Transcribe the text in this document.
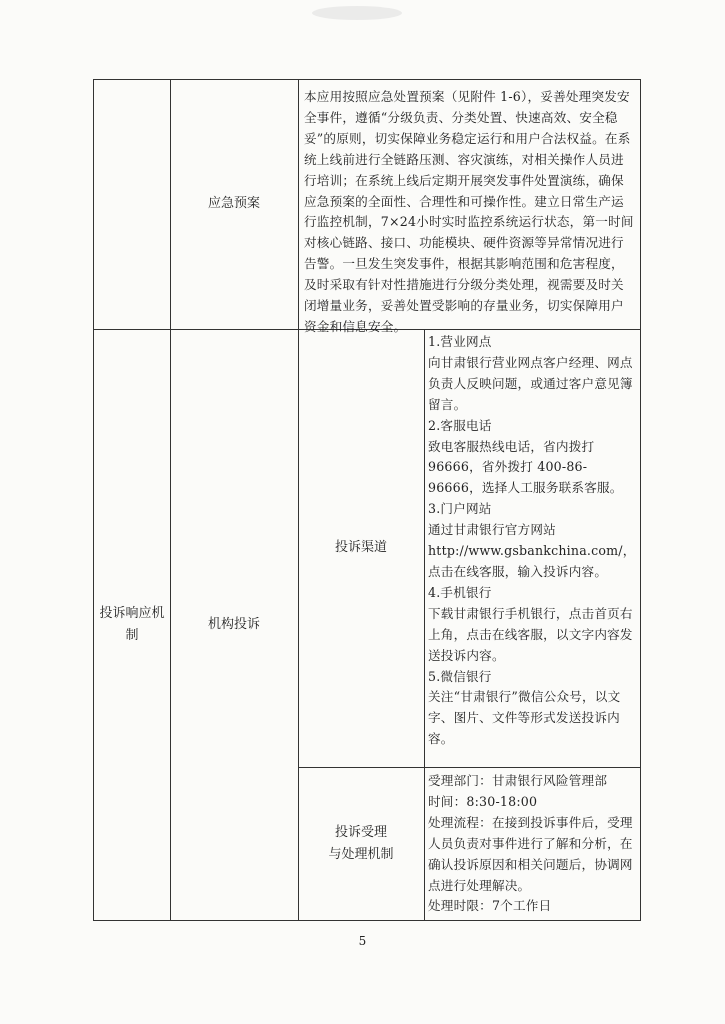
应急预案
本应用按照应急处置预案（见附件 1-6），妥善处理突发安全事件，遵循“分级负责、分类处置、快速高效、安全稳妥”的原则，切实保障业务稳定运行和用户合法权益。在系统上线前进行全链路压测、容灾演练，对相关操作人员进行培训；在系统上线后定期开展突发事件处置演练，确保应急预案的全面性、合理性和可操作性。建立日常生产运行监控机制，7×24小时实时监控系统运行状态，第一时间对核心链路、接口、功能模块、硬件资源等异常情况进行告警。一旦发生突发事件，根据其影响范围和危害程度，及时采取有针对性措施进行分级分类处理，视需要及时关闭增量业务，妥善处置受影响的存量业务，切实保障用户资金和信息安全。
投诉响应机制
机构投诉
投诉渠道
1.营业网点
向甘肃银行营业网点客户经理、网点负责人反映问题，或通过客户意见簿留言。
2.客服电话
致电客服热线电话，省内拨打96666，省外拨打 400-86-96666，选择人工服务联系客服。
3.门户网站
通过甘肃银行官方网站http://www.gsbankchina.com/，点击在线客服，输入投诉内容。
4.手机银行
下载甘肃银行手机银行，点击首页右上角，点击在线客服，以文字内容发送投诉内容。
5.微信银行
关注“甘肃银行”微信公众号，以文字、图片、文件等形式发送投诉内容。
投诉受理
与处理机制
受理部门：甘肃银行风险管理部
时间：8:30-18:00
处理流程：在接到投诉事件后，受理人员负责对事件进行了解和分析，在确认投诉原因和相关问题后，协调网点进行处理解决。
处理时限：7个工作日
5
